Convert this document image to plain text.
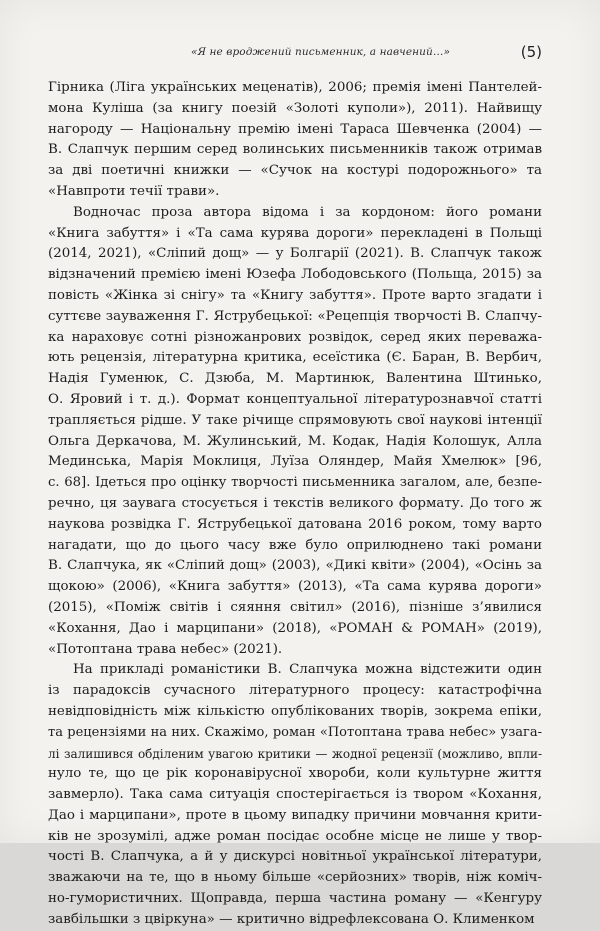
«Я не вроджений письменник, а навчений…»	(5)
Гірника (Ліга українських меценатів), 2006; премія імені Пантелей-
мона Куліша (за книгу поезій «Золоті куполи»), 2011). Найвищу
нагороду — Національну премію імені Тараса Шевченка (2004) —
В. Слапчук першим серед волинських письменників також отримав
за дві поетичні книжки — «Сучок на костурі подорожнього» та
«Навпроти течії трави».
Водночас проза автора відома і за кордоном: його романи
«Книга забуття» і «Та сама курява дороги» перекладені в Польщі
(2014, 2021), «Сліпий дощ» — у Болгарії (2021). В. Слапчук також
відзначений премією імені Юзефа Лободовського (Польща, 2015) за
повість «Жінка зі снігу» та «Книгу забуття». Проте варто згадати і
суттєве зауваження Г. Яструбецької: «Рецепція творчості В. Слапчу-
ка нараховує сотні різножанрових розвідок, серед яких переважа-
ють рецензія, літературна критика, есеїстика (Є. Баран, В. Вербич,
Надія Гуменюк, С. Дзюба, М. Мартинюк, Валентина Штинько,
О. Яровий і т. д.). Формат концептуальної літературознавчої статті
трапляється рідше. У таке річище спрямовують свої наукові інтенції
Ольга Деркачова, М. Жулинський, М. Кодак, Надія Колошук, Алла
Мединська, Марія Моклиця, Луїза Оляндер, Майя Хмелюк» [96,
с. 68]. Ідеться про оцінку творчості письменника загалом, але, безпе-
речно, ця заувага стосується і текстів великого формату. До того ж
наукова розвідка Г. Яструбецької датована 2016 роком, тому варто
нагадати, що до цього часу вже було оприлюднено такі романи
В. Слапчука, як «Сліпий дощ» (2003), «Дикі квіти» (2004), «Осінь за
щокою» (2006), «Книга забуття» (2013), «Та сама курява дороги»
(2015), «Поміж світів і сяяння світил» (2016), пізніше з’явилися
«Кохання, Дао і марципани» (2018), «РОМАН & РОМАН» (2019),
«Потоптана трава небес» (2021).
На прикладі романістики В. Слапчука можна відстежити один
із парадоксів сучасного літературного процесу: катастрофічна
невідповідність між кількістю опублікованих творів, зокрема епіки,
та рецензіями на них. Скажімо, роман «Потоптана трава небес» узага-
лі залишився обділеним увагою критики — жодної рецензії (можливо, впли-
нуло те, що це рік коронавірусної хвороби, коли культурне життя
завмерло). Така сама ситуація спостерігається із твором «Кохання,
Дао і марципани», проте в цьому випадку причини мовчання крити-
ків не зрозумілі, адже роман посідає особне місце не лише у твор-
чості В. Слапчука, а й у дискурсі новітньої української літератури,
зважаючи на те, що в ньому більше «серйозних» творів, ніж коміч-
но-гумористичних. Щоправда, перша частина роману — «Кенгуру
завбільшки з цвіркуна» — критично відрефлексована О. Клименком
